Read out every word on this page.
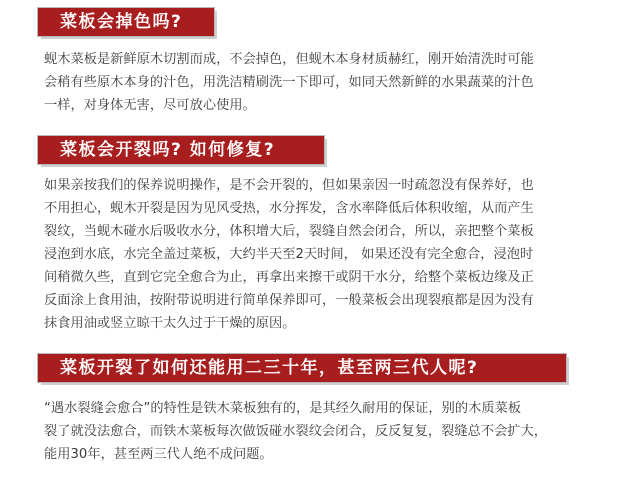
菜板会掉色吗?
蚬木菜板是新鲜原木切割而成，不会掉色，但蚬木本身材质赫红，刚开始清洗时可能
会稍有些原木本身的汁色，用洗洁精刷洗一下即可，如同天然新鲜的水果蔬菜的汁色
一样，对身体无害，尽可放心使用。
菜板会开裂吗? 如何修复?
如果亲按我们的保养说明操作，是不会开裂的，但如果亲因一时疏忽没有保养好，也
不用担心，蚬木开裂是因为见风受热，水分挥发，含水率降低后体积收缩，从而产生
裂纹，当蚬木碰水后吸收水分，体积增大后，裂缝自然会闭合，所以，亲把整个菜板
浸泡到水底，水完全盖过菜板，大约半天至2天时间， 如果还没有完全愈合，浸泡时
间稍微久些，直到它完全愈合为止，再拿出来擦干或阴干水分，给整个菜板边缘及正
反面涂上食用油，按附带说明进行简单保养即可，一般菜板会出现裂痕都是因为没有
抹食用油或竖立晾干太久过于干燥的原因。
菜板开裂了如何还能用二三十年，甚至两三代人呢?
“遇水裂缝会愈合”的特性是铁木菜板独有的，是其经久耐用的保证，别的木质菜板
裂了就没法愈合，而铁木菜板每次做饭碰水裂纹会闭合，反反复复，裂缝总不会扩大，
能用30年，甚至两三代人绝不成问题。
